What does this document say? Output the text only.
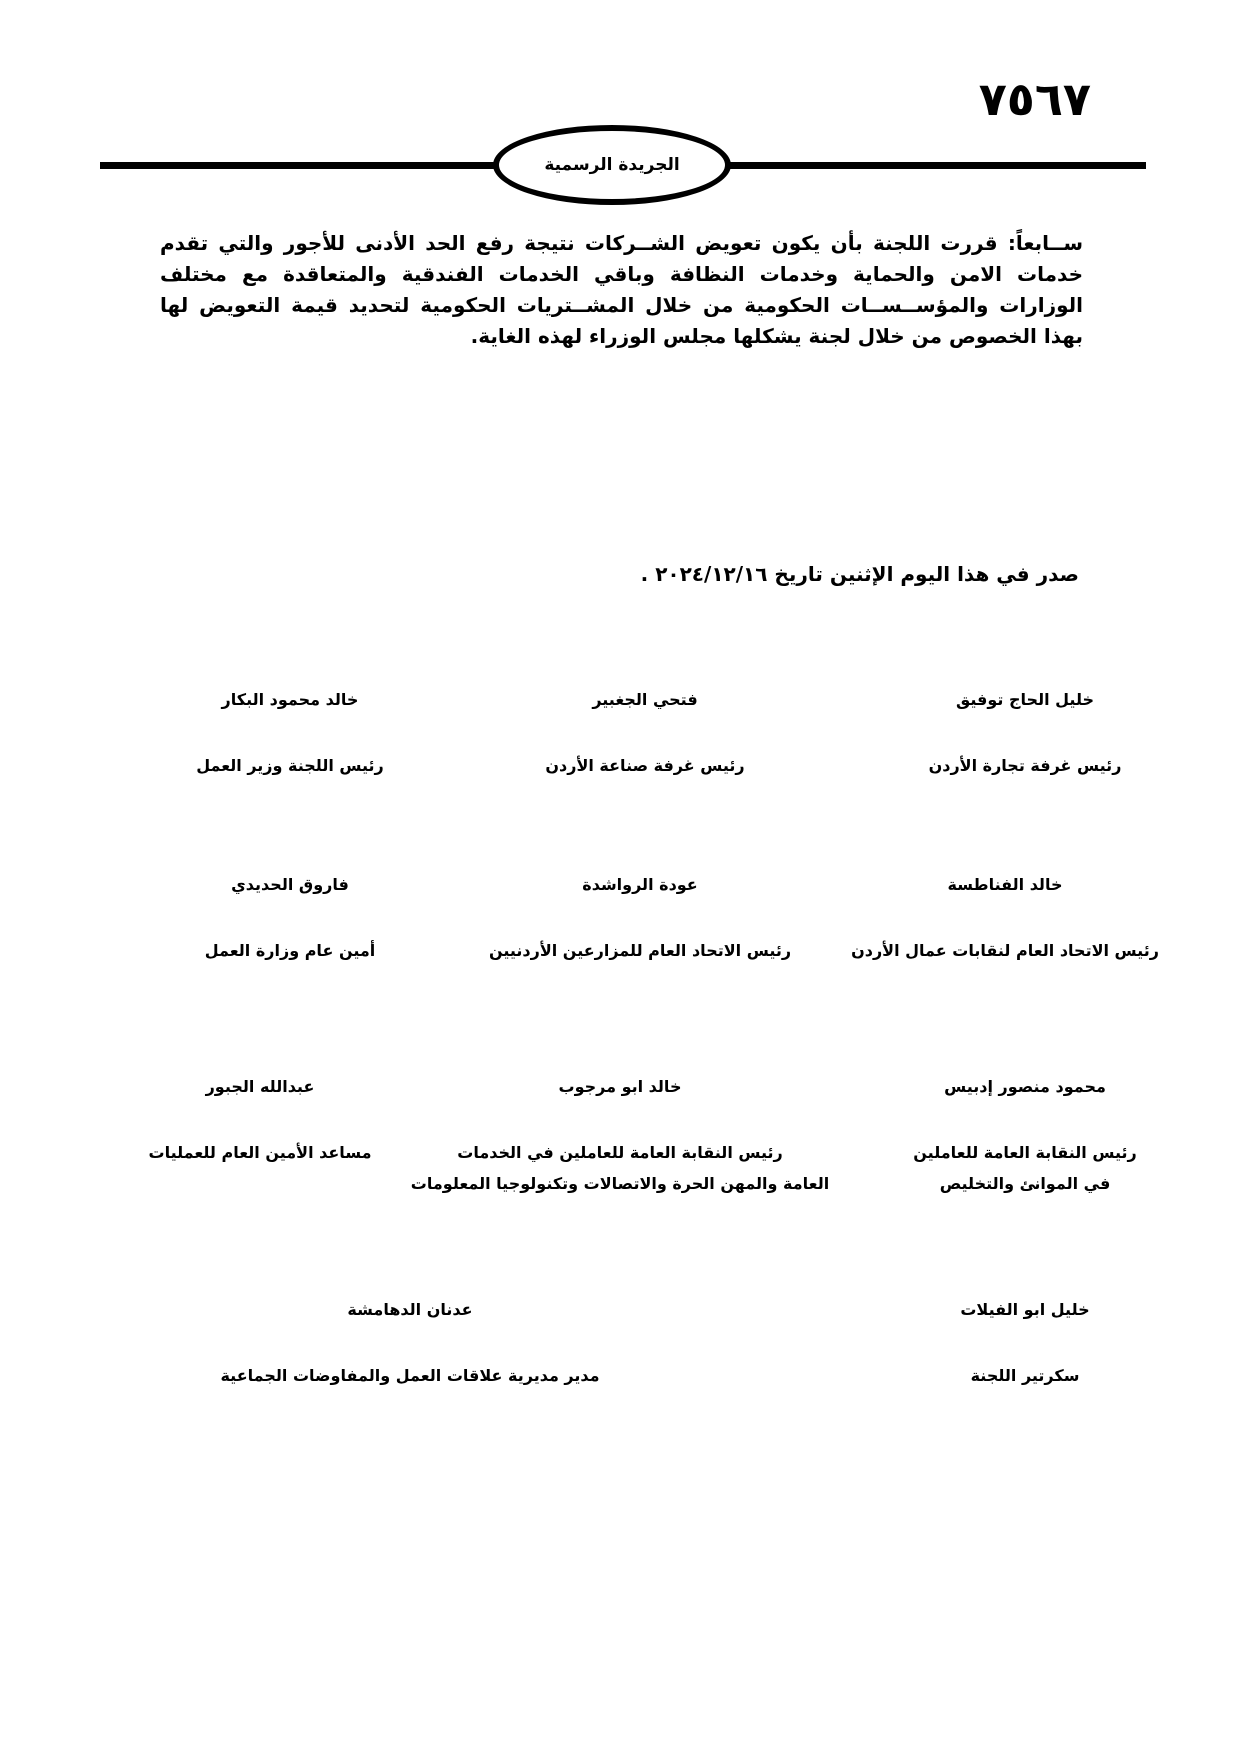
٧٥٦٧
الجريدة الرسمية
ســابعاً: قررت اللجنة بأن يكون تعويض الشــركات نتيجة رفع الحد الأدنى للأجور والتي تقدم خدمات الامن والحماية وخدمات النظافة وباقي الخدمات الفندقية والمتعاقدة مع مختلف الوزارات والمؤســســات الحكومية من خلال المشــتريات الحكومية لتحديد قيمة التعويض لها بهذا الخصوص من خلال لجنة يشكلها مجلس الوزراء لهذه الغاية.
صدر في هذا اليوم الإثنين تاريخ ٢٠٢٤/١٢/١٦ .
خليل الحاج توفيق
رئيس غرفة تجارة الأردن
فتحي الجغبير
رئيس غرفة صناعة الأردن
خالد محمود البكار
رئيس اللجنة وزير العمل
خالد الفناطسة
رئيس الاتحاد العام لنقابات عمال الأردن
عودة الرواشدة
رئيس الاتحاد العام للمزارعين الأردنيين
فاروق الحديدي
أمين عام وزارة العمل
محمود منصور إدبيس
رئيس النقابة العامة للعاملين
في الموانئ والتخليص
خالد ابو مرجوب
رئيس النقابة العامة للعاملين في الخدمات
العامة والمهن الحرة والاتصالات وتكنولوجيا المعلومات
عبدالله الجبور
مساعد الأمين العام للعمليات
خليل ابو الفيلات
سكرتير اللجنة
عدنان الدهامشة
مدير مديرية علاقات العمل والمفاوضات الجماعية
